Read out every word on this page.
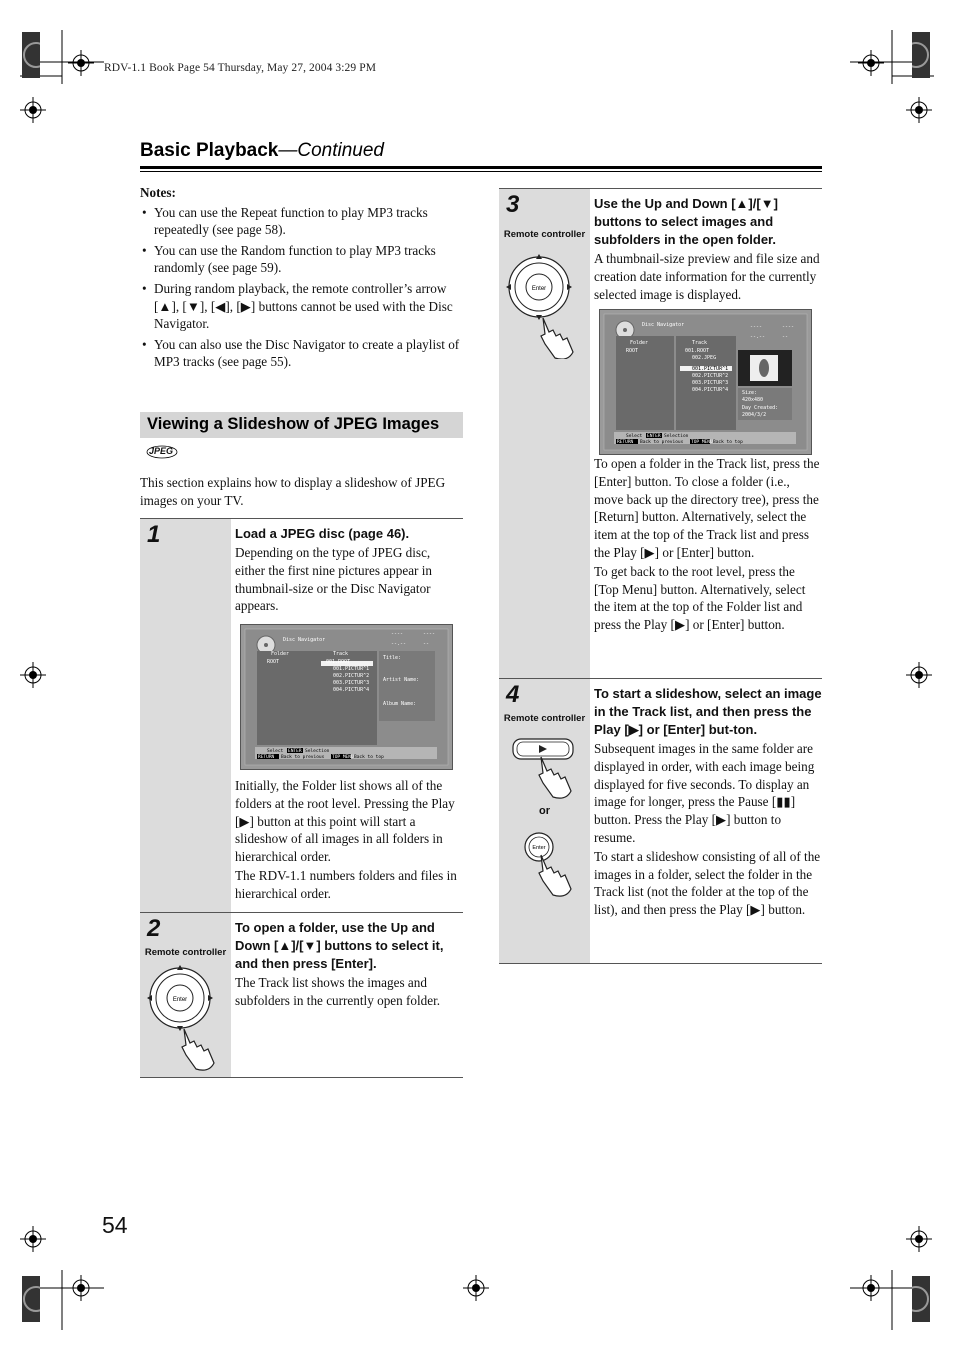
RDV-1.1 Book Page 54 Thursday, May 27, 2004 3:29 PM
Basic Playback—Continued
Notes:
• You can use the Repeat function to play MP3 tracks repeatedly (see page 58).
• You can use the Random function to play MP3 tracks randomly (see page 59).
• During random playback, the remote controller’s arrow [▲], [▼], [◀], [▶] buttons cannot be used with the Disc Navigator.
• You can also use the Disc Navigator to create a playlist of MP3 tracks (see page 55).
Viewing a Slideshow of JPEG Images
JPEG
This section explains how to display a slideshow of JPEG images on your TV.
1	Load a JPEG disc (page 46).
Depending on the type of JPEG disc, either the first nine pictures appear in thumbnail-size or the Disc Navigator appears.
Disc Navigator
Folder
ROOT
Track
001.ROOT
001.PICTUR^1
002.PICTUR^2
003.PICTUR^3
004.PICTUR^4
Title:
Artist Name:
Album Name:
----	----
--.--	--
Select ENTER Selection
RETURN Back to previous TOP MENU Back to top
Initially, the Folder list shows all of the folders at the root level. Pressing the Play [▶] button at this point will start a slideshow of all images in all folders in hierarchical order.
The RDV-1.1 numbers folders and files in hierarchical order.
2
Remote controller
Enter
To open a folder, use the Up and Down [▲]/[▼] buttons to select it, and then press [Enter].
The Track list shows the images and subfolders in the currently open folder.
3
Remote controller
Enter
Use the Up and Down [▲]/[▼] buttons to select images and subfolders in the open folder.
A thumbnail-size preview and file size and creation date information for the currently selected image is displayed.
Disc Navigator
Folder
ROOT
Track
001.ROOT
002.JPEG
001.PICTUR^1
002.PICTUR^2
003.PICTUR^3
004.PICTUR^4	Size:
420x480
Day Created:
2004/3/2
----	----
--.--	--
Select ENTER Selection
RETURN Back to previous TOP MENU Back to top
To open a folder in the Track list, press the [Enter] button. To close a folder (i.e., move back up the directory tree), press the [Return] button. Alternatively, select the item at the top of the Track list and press the Play [▶] or [Enter] button.
To get back to the root level, press the [Top Menu] button. Alternatively, select the item at the top of the Folder list and press the Play [▶] or [Enter] button.
4
Remote controller
or
Enter
To start a slideshow, select an image in the Track list, and then press the Play [▶] or [Enter] but-ton.
Subsequent images in the same folder are displayed in order, with each image being displayed for five seconds. To display an image for longer, press the Pause [▮▮] button. Press the Play [▶] button to resume.
To start a slideshow consisting of all of the images in a folder, select the folder in the Track list (not the folder at the top of the list), and then press the Play [▶] button.
54
